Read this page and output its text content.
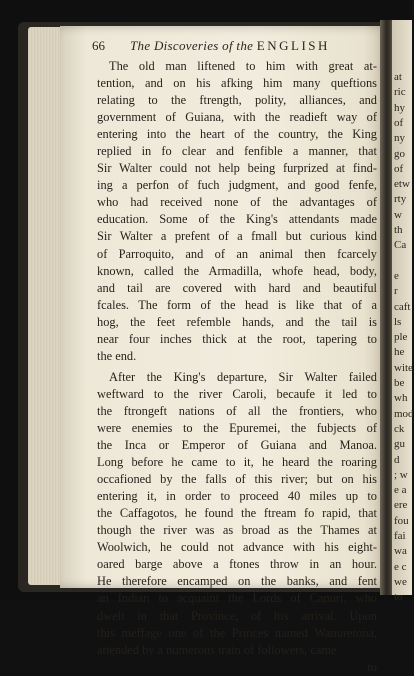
at
ric
hy
of
ny
go
of
etw
rty
w
th
Ca
e
r
caft
ls
ple
he
wite
be
wh
mod
ck
gu
d
; w
e a
ere
fou
fai
wa
e c
we
to
66 The Discoveries of the ENGLISH
The old man liftened to him with great at-
tention, and on his afking him many queftions
relating to the ftrength, polity, alliances, and
government of Guiana, with the readieft way of
entering into the heart of the country, the King
replied in fo clear and fenfible a manner, that
Sir Walter could not help being furprized at find-
ing a perfon of fuch judgment, and good fenfe,
who had received none of the advantages of
education. Some of the King's attendants made
Sir Walter a prefent of a fmall but curious kind
of Parroquito, and of an animal then fcarcely
known, called the Armadilla, whofe head, body,
and tail are covered with hard and beautiful
fcales. The form of the head is like that of a
hog, the feet refemble hands, and the tail is
near four inches thick at the root, tapering to
the end.
After the King's departure, Sir Walter failed
weftward to the river Caroli, becaufe it led to
the ftrongeft nations of all the frontiers, who
were enemies to the Epuremei, the fubjects of
the Inca or Emperor of Guiana and Manoa.
Long before he came to it, he heard the roaring
occafioned by the falls of this river; but on his
entering it, in order to proceed 40 miles up to
the Caffagotos, he found the ftream fo rapid, that
though the river was as broad as the Thames at
Woolwich, he could not advance with his eight-
oared barge above a ftones throw in an hour.
He therefore encamped on the banks, and fent
an Indian to acquaint the Lords of Canuri, who
dwelt in that Province, of his arrival. Upon
this meffage one of the Princes named Wanuretona,
attended by a numerous train of followers, came
to
